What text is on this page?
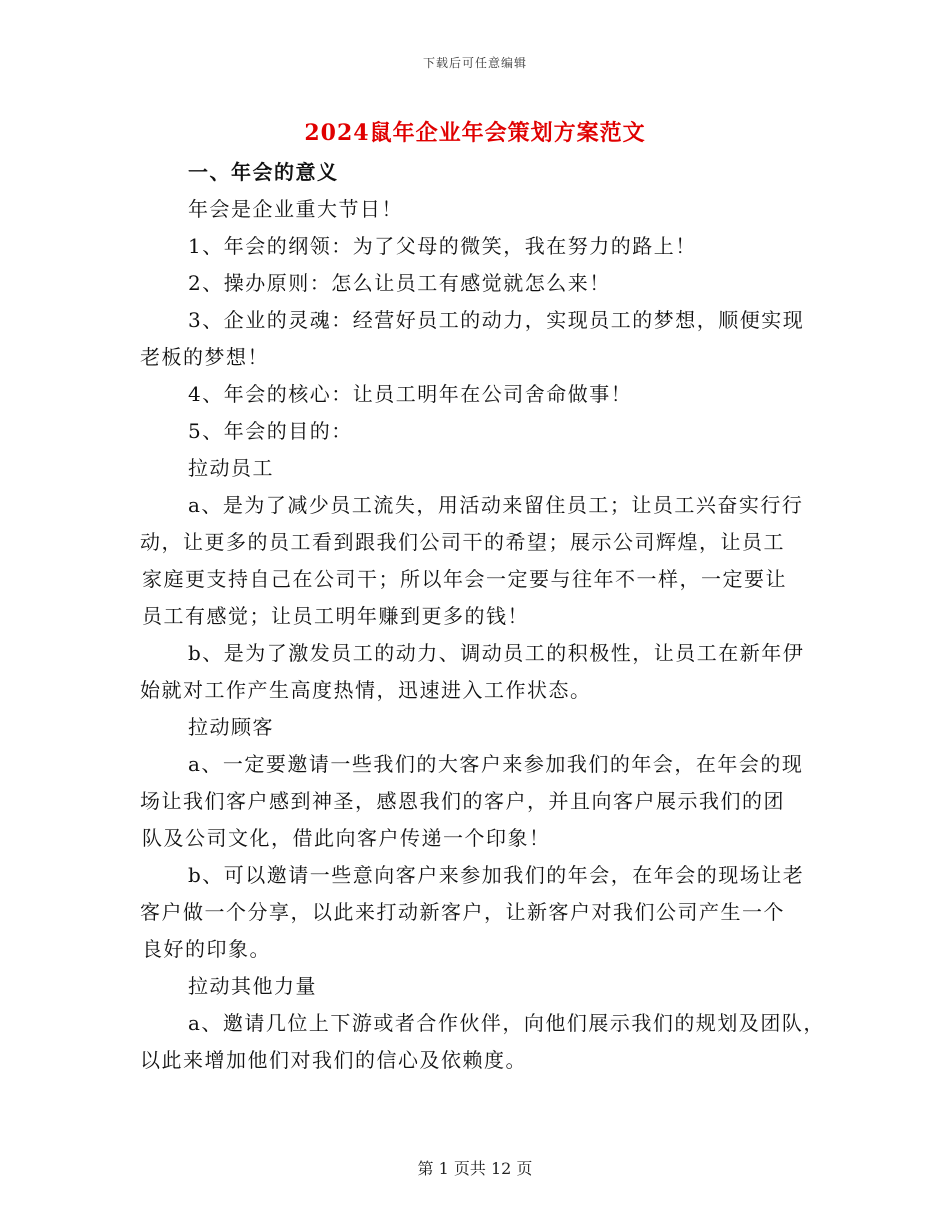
下载后可任意编辑
2024鼠年企业年会策划方案范文
一、年会的意义
年会是企业重大节日！
1、年会的纲领：为了父母的微笑，我在努力的路上！
2、操办原则：怎么让员工有感觉就怎么来！
3、企业的灵魂：经营好员工的动力，实现员工的梦想，顺便实现
老板的梦想！
4、年会的核心：让员工明年在公司舍命做事！
5、年会的目的：
拉动员工
a、是为了减少员工流失，用活动来留住员工；让员工兴奋实行行
动，让更多的员工看到跟我们公司干的希望；展示公司辉煌，让员工
家庭更支持自己在公司干；所以年会一定要与往年不一样，一定要让
员工有感觉；让员工明年赚到更多的钱！
b、是为了激发员工的动力、调动员工的积极性，让员工在新年伊
始就对工作产生高度热情，迅速进入工作状态。
拉动顾客
a、一定要邀请一些我们的大客户来参加我们的年会，在年会的现
场让我们客户感到神圣，感恩我们的客户，并且向客户展示我们的团
队及公司文化，借此向客户传递一个印象！
b、可以邀请一些意向客户来参加我们的年会，在年会的现场让老
客户做一个分享，以此来打动新客户，让新客户对我们公司产生一个
良好的印象。
拉动其他力量
a、邀请几位上下游或者合作伙伴，向他们展示我们的规划及团队，
以此来增加他们对我们的信心及依赖度。
第 1 页共 12 页
